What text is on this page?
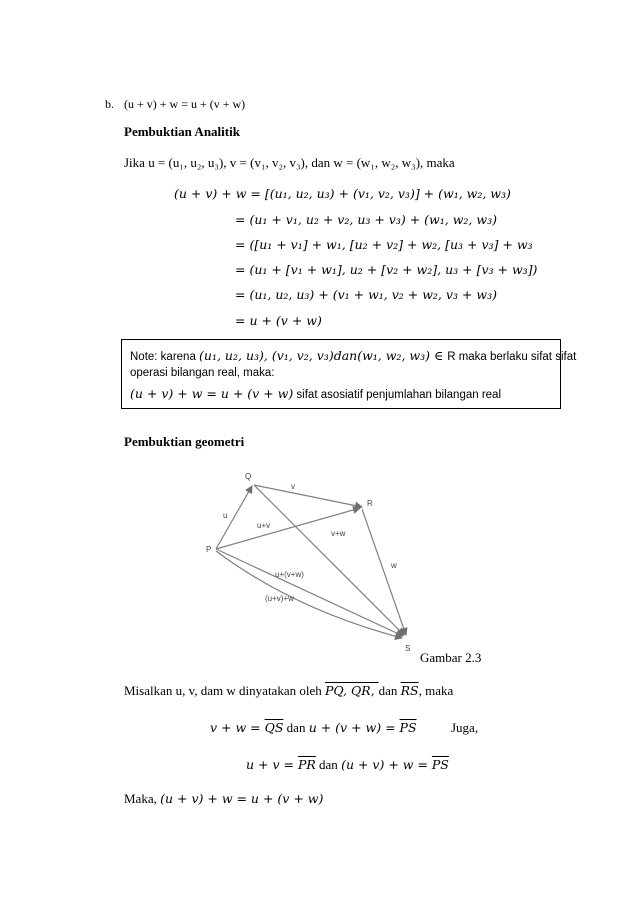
b. (u + v) + w = u + (v + w)
Pembuktian Analitik
Jika u = (u₁, u₂, u₃), v = (v₁, v₂, v₃), dan w = (w₁, w₂, w₃), maka
(u + v) + w = [(u₁, u₂, u₃) + (v₁, v₂, v₃)] + (w₁, w₂, w₃)
= (u₁ + v₁, u₂ + v₂, u₃ + v₃) + (w₁, w₂, w₃)
= ([u₁ + v₁] + w₁, [u₂ + v₂] + w₂, [u₃ + v₃] + w₃
= (u₁ + [v₁ + w₁], u₂ + [v₂ + w₂], u₃ + [v₃ + w₃])
= (u₁, u₂, u₃) + (v₁ + w₁, v₂ + w₂, v₃ + w₃)
= u + (v + w)
Note: karena (u₁, u₂, u₃), (v₁, v₂, v₃)dan(w₁, w₂, w₃) ∈ R maka berlaku sifat sifat
operasi bilangan real, maka:
(u + v) + w = u + (v + w) sifat asosiatif penjumlahan bilangan real
Pembuktian geometri
Q
R
P
S
u
v
w
u+v
v+w
u+(v+w)
(u+v)+w
Gambar 2.3
Misalkan u, v, dam w dinyatakan oleh PQ, QR, dan $\overline{RS}$, maka
$v + w = \overline{QS}$ dan $u + (v + w) = \overline{PS}$	Juga,
$u + v = \overline{PR}$ dan $(u + v) + w = \overline{PS}$
Maka, (u + v) + w = u + (v + w)
